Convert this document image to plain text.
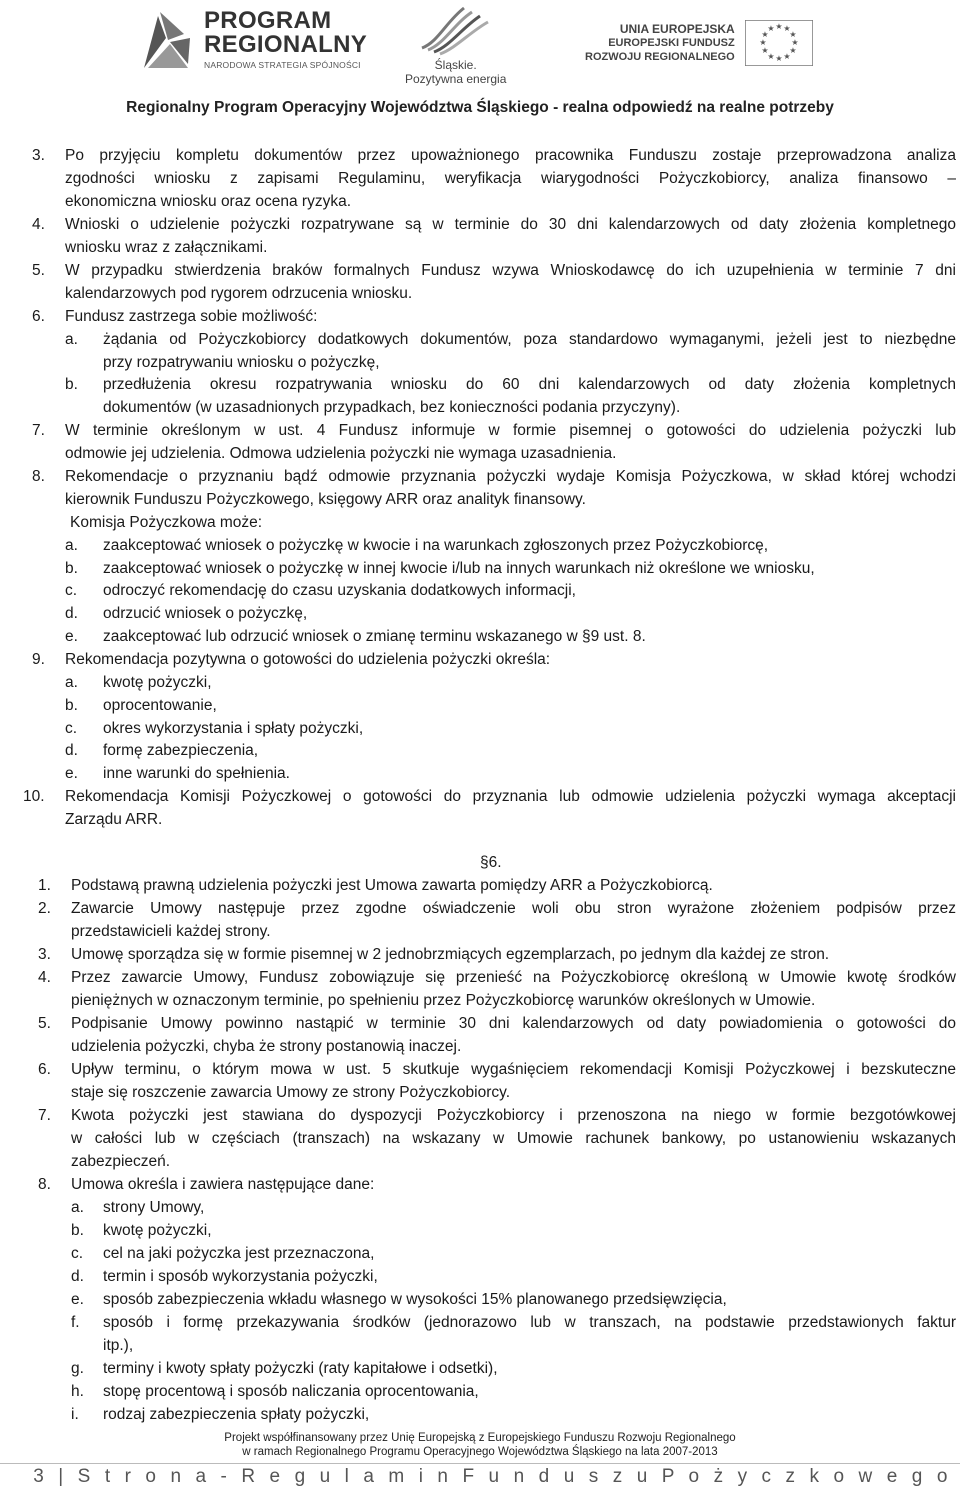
PROGRAM
REGIONALNY
NARODOWA STRATEGIA SPÓJNOŚCI	Śląskie.
Pozytywna energia
UNIA EUROPEJSKA
EUROPEJSKI FUNDUSZ
ROZWOJU REGIONALNEGO
★ ★
★
★
★
★
★
★
★
★
★
★
Regionalny Program Operacyjny Województwa Śląskiego - realna odpowiedź na realne potrzeby
3. Po przyjęciu kompletu dokumentów przez upoważnionego pracownika Funduszu zostaje przeprowadzona analiza
zgodności wniosku z zapisami Regulaminu, weryfikacja wiarygodności Pożyczkobiorcy, analiza finansowo –
ekonomiczna wniosku oraz ocena ryzyka.
4. Wnioski o udzielenie pożyczki rozpatrywane są w terminie do 30 dni kalendarzowych od daty złożenia kompletnego
wniosku wraz z załącznikami.
5. W przypadku stwierdzenia braków formalnych Fundusz wzywa Wnioskodawcę do ich uzupełnienia w terminie 7 dni
kalendarzowych pod rygorem odrzucenia wniosku.
6. Fundusz zastrzega sobie możliwość:
a. żądania od Pożyczkobiorcy dodatkowych dokumentów, poza standardowo wymaganymi, jeżeli jest to niezbędne
przy rozpatrywaniu wniosku o pożyczkę,
b. przedłużenia okresu rozpatrywania wniosku do 60 dni kalendarzowych od daty złożenia kompletnych
dokumentów (w uzasadnionych przypadkach, bez konieczności podania przyczyny).
7. W terminie określonym w ust. 4 Fundusz informuje w formie pisemnej o gotowości do udzielenia pożyczki lub
odmowie jej udzielenia. Odmowa udzielenia pożyczki nie wymaga uzasadnienia.
8. Rekomendacje o przyznaniu bądź odmowie przyznania pożyczki wydaje Komisja Pożyczkowa, w skład której wchodzi
kierownik Funduszu Pożyczkowego, księgowy ARR oraz analityk finansowy.
Komisja Pożyczkowa może:
a. zaakceptować wniosek o pożyczkę w kwocie i na warunkach zgłoszonych przez Pożyczkobiorcę,
b. zaakceptować wniosek o pożyczkę w innej kwocie i/lub na innych warunkach niż określone we wniosku,
c. odroczyć rekomendację do czasu uzyskania dodatkowych informacji,
d. odrzucić wniosek o pożyczkę,
e. zaakceptować lub odrzucić wniosek o zmianę terminu wskazanego w §9 ust. 8.
9. Rekomendacja pozytywna o gotowości do udzielenia pożyczki określa:
a. kwotę pożyczki,
b. oprocentowanie,
c. okres wykorzystania i spłaty pożyczki,
d. formę zabezpieczenia,
e. inne warunki do spełnienia.
10. Rekomendacja Komisji Pożyczkowej o gotowości do przyznania lub odmowie udzielenia pożyczki wymaga akceptacji
Zarządu ARR.
§6.
1. Podstawą prawną udzielenia pożyczki jest Umowa zawarta pomiędzy ARR a Pożyczkobiorcą.
2. Zawarcie Umowy następuje przez zgodne oświadczenie woli obu stron wyrażone złożeniem podpisów przez
przedstawicieli każdej strony.
3. Umowę sporządza się w formie pisemnej w 2 jednobrzmiących egzemplarzach, po jednym dla każdej ze stron.
4. Przez zawarcie Umowy, Fundusz zobowiązuje się przenieść na Pożyczkobiorcę określoną w Umowie kwotę środków
pieniężnych w oznaczonym terminie, po spełnieniu przez Pożyczkobiorcę warunków określonych w Umowie.
5. Podpisanie Umowy powinno nastąpić w terminie 30 dni kalendarzowych od daty powiadomienia o gotowości do
udzielenia pożyczki, chyba że strony postanowią inaczej.
6. Upływ terminu, o którym mowa w ust. 5 skutkuje wygaśnięciem rekomendacji Komisji Pożyczkowej i bezskuteczne
staje się roszczenie zawarcia Umowy ze strony Pożyczkobiorcy.
7. Kwota pożyczki jest stawiana do dyspozycji Pożyczkobiorcy i przenoszona na niego w formie bezgotówkowej
w całości lub w częściach (transzach) na wskazany w Umowie rachunek bankowy, po ustanowieniu wskazanych
zabezpieczeń.
8. Umowa określa i zawiera następujące dane:
a. strony Umowy,
b. kwotę pożyczki,
c. cel na jaki pożyczka jest przeznaczona,
d. termin i sposób wykorzystania pożyczki,
e. sposób zabezpieczenia wkładu własnego w wysokości 15% planowanego przedsięwzięcia,
f. sposób i formę przekazywania środków (jednorazowo lub w transzach, na podstawie przedstawionych faktur
itp.),
g. terminy i kwoty spłaty pożyczki (raty kapitałowe i odsetki),
h. stopę procentową i sposób naliczania oprocentowania,
i. rodzaj zabezpieczenia spłaty pożyczki,
Projekt współfinansowany przez Unię Europejską z Europejskiego Funduszu Rozwoju Regionalnego
w ramach Regionalnego Programu Operacyjnego Województwa Śląskiego na lata 2007-2013
3 | S t r o n a - R e g u l a m i n F u n d u s z u P o ż y c z k o w e g o
